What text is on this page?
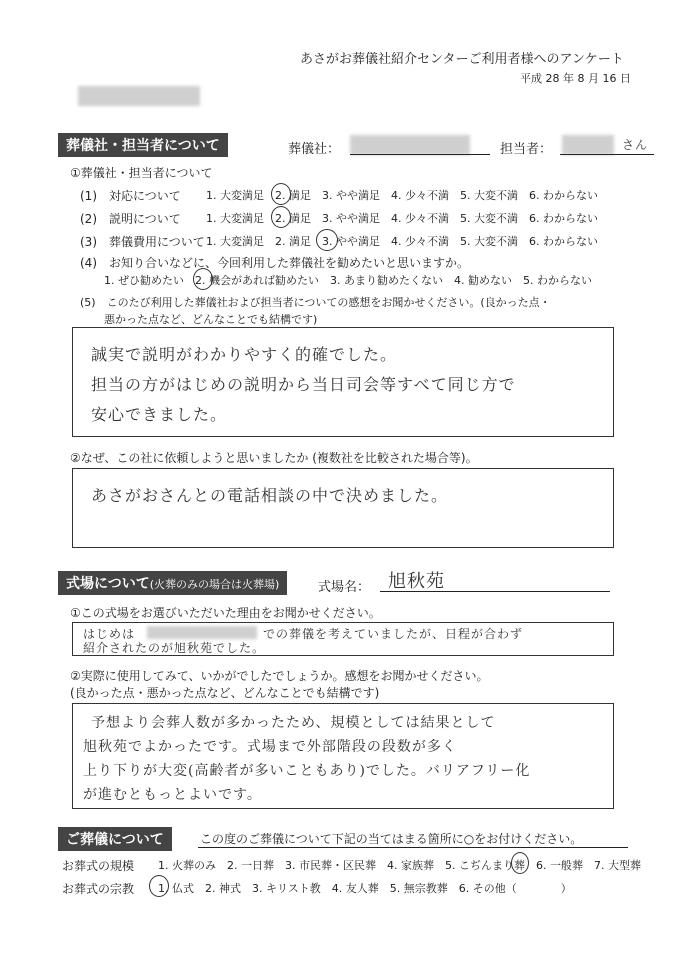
あさがお葬儀社紹介センターご利用者様へのアンケート
平成 28 年 8 月 16 日
葬儀社・担当者について	葬儀社：	担当者：	さん
①葬儀社・担当者について
(1)　対応について 1. 大変満足　2. 満足　3. やや満足　4. 少々不満　5. 大変不満　6. わからない
(2)　説明について 1. 大変満足　2. 満足　3. やや満足　4. 少々不満　5. 大変不満　6. わからない
(3)　葬儀費用について 1. 大変満足　2. 満足　3. やや満足　4. 少々不満　5. 大変不満　6. わからない
(4)　お知り合いなどに、今回利用した葬儀社を勧めたいと思いますか。
1. ぜひ勧めたい　2. 機会があれば勧めたい　3. あまり勧めたくない　4. 勧めない　5. わからない
(5)　このたび利用した葬儀社および担当者についての感想をお聞かせください。(良かった点・
悪かった点など、どんなことでも結構です)
誠実で説明がわかりやすく的確でした。
担当の方がはじめの説明から当日司会等すべて同じ方で
安心できました。
②なぜ、この社に依頼しようと思いましたか (複数社を比較された場合等)。
あさがおさんとの電話相談の中で決めました。
式場について(火葬のみの場合は火葬場)	式場名： 旭秋苑
①この式場をお選びいただいた理由をお聞かせください。
はじめは	での葬儀を考えていましたが、日程が合わず
紹介されたのが旭秋苑でした。
②実際に使用してみて、いかがでしたでしょうか。感想をお聞かせください。
(良かった点・悪かった点など、どんなことでも結構です)
予想より会葬人数が多かったため、規模としては結果として
旭秋苑でよかったです。式場まで外部階段の段数が多く
上り下りが大変(高齢者が多いこともあり)でした。バリアフリー化
が進むともっとよいです。
ご葬儀について	この度のご葬儀について下記の当てはまる箇所に○をお付けください。
お葬式の規模 1. 火葬のみ　2. 一日葬　3. 市民葬・区民葬　4. 家族葬　5. こぢんまり葬　6. 一般葬　7. 大型葬
お葬式の宗教 1. 仏式　2. 神式　3. キリスト教　4. 友人葬　5. 無宗教葬　6. その他（　　　　）
